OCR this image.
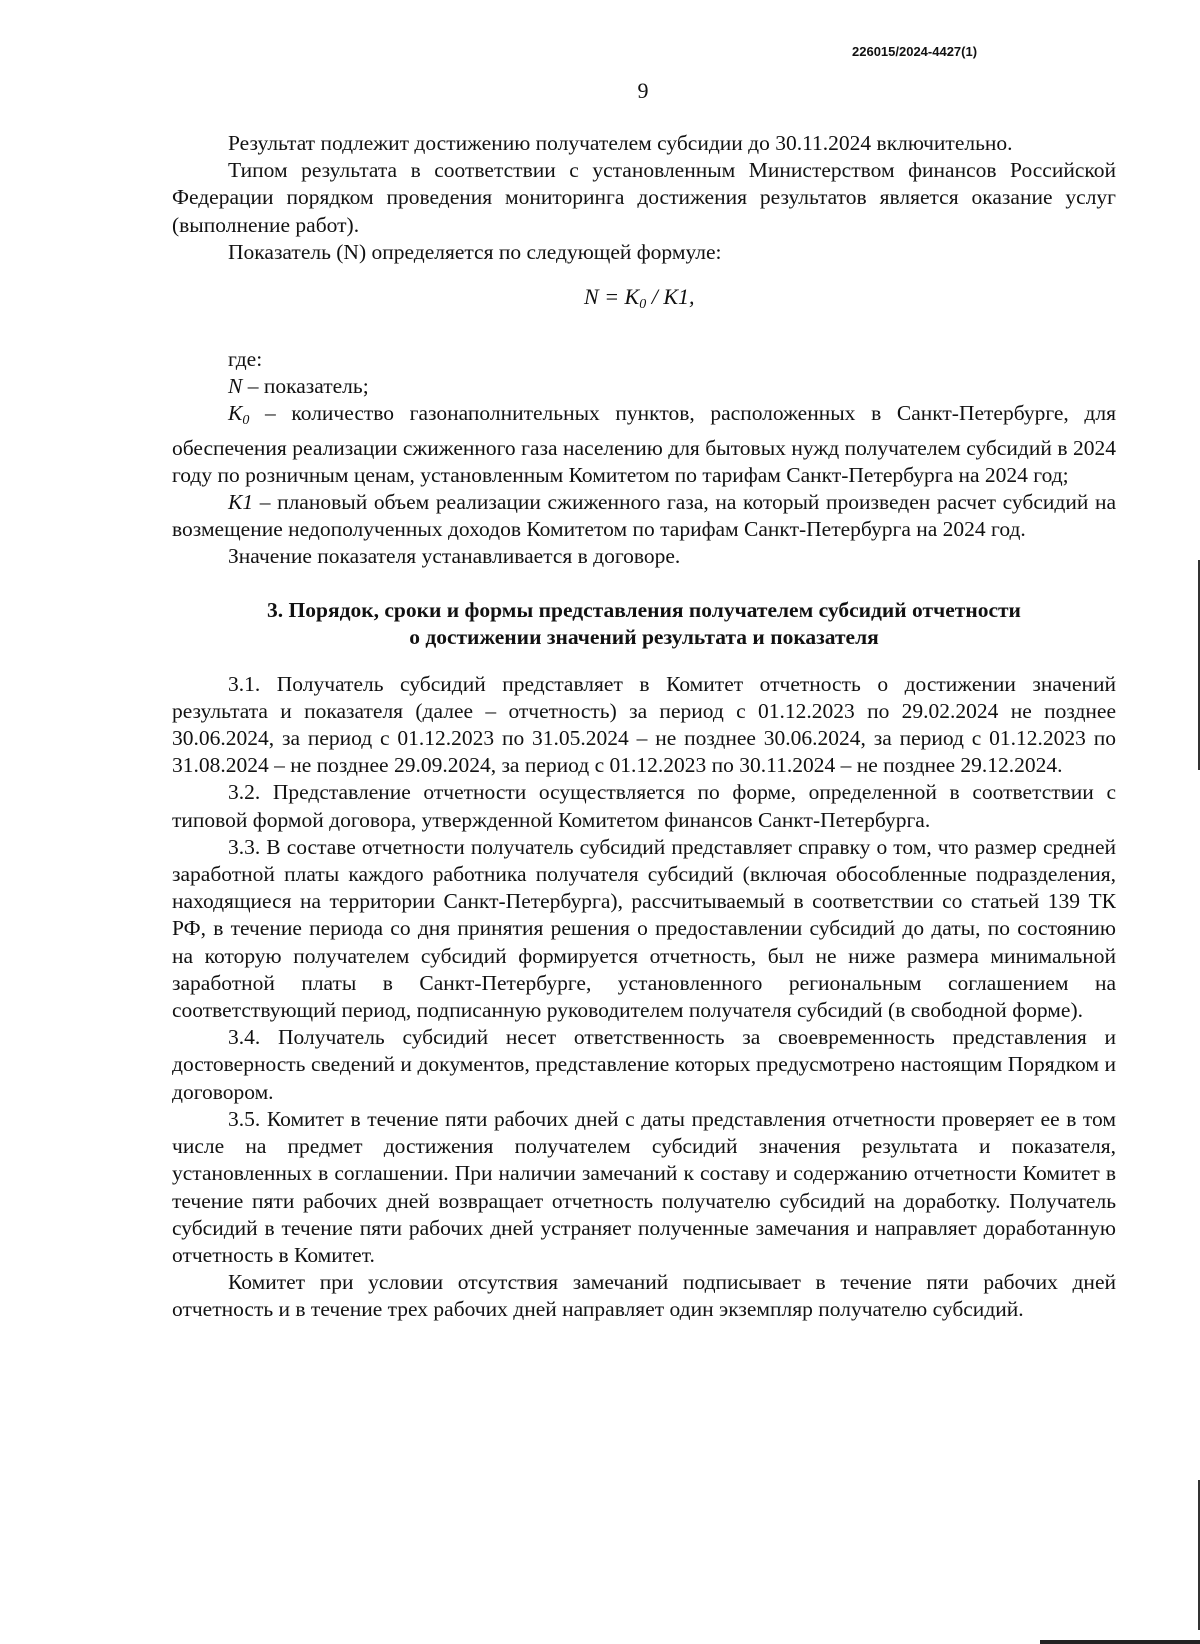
226015/2024-4427(1)
9

Результат подлежит достижению получателем субсидии до 30.11.2024 включительно.

Типом результата в соответствии с установленным Министерством финансов Российской Федерации порядком проведения мониторинга достижения результатов является оказание услуг (выполнение работ).

Показатель (N) определяется по следующей формуле:

$N = K_0 / K1$,

где:

N – показатель;

$K_0$ – количество газонаполнительных пунктов, расположенных в Санкт-Петербурге, для обеспечения реализации сжиженного газа населению для бытовых нужд получателем субсидий в 2024 году по розничным ценам, установленным Комитетом по тарифам Санкт-Петербурга на 2024 год;

K1 – плановый объем реализации сжиженного газа, на который произведен расчет субсидий на возмещение недополученных доходов Комитетом по тарифам Санкт-Петербурга на 2024 год.

Значение показателя устанавливается в договоре.

3. Порядок, сроки и формы представления получателем субсидий отчетности
о достижении значений результата и показателя

3.1. Получатель субсидий представляет в Комитет отчетность о достижении значений результата и показателя (далее – отчетность) за период с 01.12.2023 по 29.02.2024 не позднее 30.06.2024, за период с 01.12.2023 по 31.05.2024 – не позднее 30.06.2024, за период с 01.12.2023 по 31.08.2024 – не позднее 29.09.2024, за период с 01.12.2023 по 30.11.2024 – не позднее 29.12.2024.

3.2. Представление отчетности осуществляется по форме, определенной в соответствии с типовой формой договора, утвержденной Комитетом финансов Санкт-Петербурга.

3.3. В составе отчетности получатель субсидий представляет справку о том, что размер средней заработной платы каждого работника получателя субсидий (включая обособленные подразделения, находящиеся на территории Санкт-Петербурга), рассчитываемый в соответствии со статьей 139 ТК РФ, в течение периода со дня принятия решения о предоставлении субсидий до даты, по состоянию на которую получателем субсидий формируется отчетность, был не ниже размера минимальной заработной платы в Санкт-Петербурге, установленного региональным соглашением на соответствующий период, подписанную руководителем получателя субсидий (в свободной форме).

3.4. Получатель субсидий несет ответственность за своевременность представления и достоверность сведений и документов, представление которых предусмотрено настоящим Порядком и договором.

3.5. Комитет в течение пяти рабочих дней с даты представления отчетности проверяет ее в том числе на предмет достижения получателем субсидий значения результата и показателя, установленных в соглашении. При наличии замечаний к составу и содержанию отчетности Комитет в течение пяти рабочих дней возвращает отчетность получателю субсидий на доработку. Получатель субсидий в течение пяти рабочих дней устраняет полученные замечания и направляет доработанную отчетность в Комитет.

Комитет при условии отсутствия замечаний подписывает в течение пяти рабочих дней отчетность и в течение трех рабочих дней направляет один экземпляр получателю субсидий.
